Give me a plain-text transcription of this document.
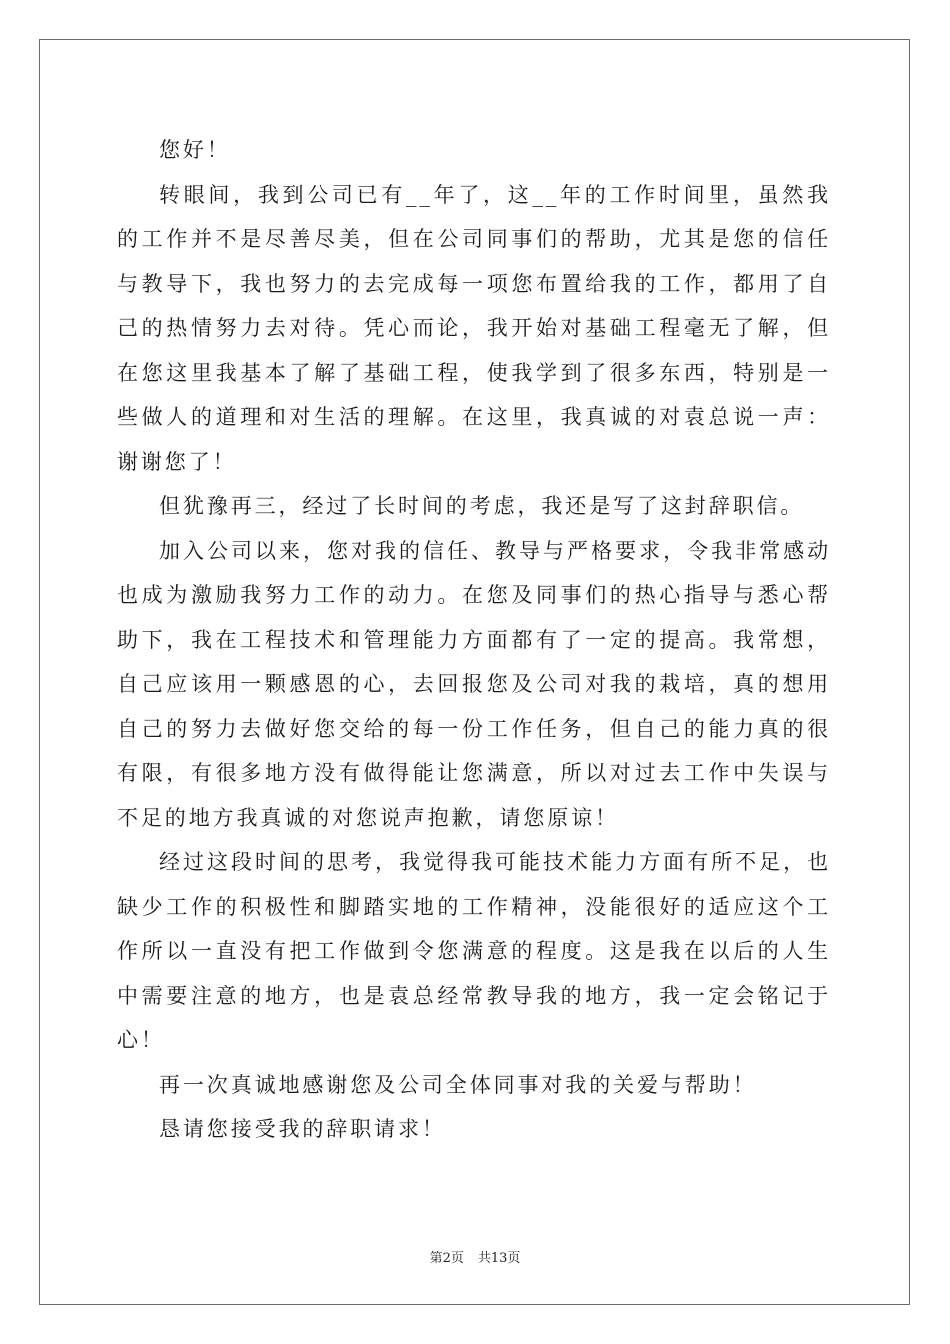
您好！

转眼间，我到公司已有__年了，这__年的工作时间里，虽然我的工作并不是尽善尽美，但在公司同事们的帮助，尤其是您的信任与教导下，我也努力的去完成每一项您布置给我的工作，都用了自己的热情努力去对待。凭心而论，我开始对基础工程毫无了解，但在您这里我基本了解了基础工程，使我学到了很多东西，特别是一些做人的道理和对生活的理解。在这里，我真诚的对袁总说一声：谢谢您了！

但犹豫再三，经过了长时间的考虑，我还是写了这封辞职信。

加入公司以来，您对我的信任、教导与严格要求，令我非常感动也成为激励我努力工作的动力。在您及同事们的热心指导与悉心帮助下，我在工程技术和管理能力方面都有了一定的提高。我常想，自己应该用一颗感恩的心，去回报您及公司对我的栽培，真的想用自己的努力去做好您交给的每一份工作任务，但自己的能力真的很有限，有很多地方没有做得能让您满意，所以对过去工作中失误与不足的地方我真诚的对您说声抱歉，请您原谅！

经过这段时间的思考，我觉得我可能技术能力方面有所不足，也缺少工作的积极性和脚踏实地的工作精神，没能很好的适应这个工作所以一直没有把工作做到令您满意的程度。这是我在以后的人生中需要注意的地方，也是袁总经常教导我的地方，我一定会铭记于心！

再一次真诚地感谢您及公司全体同事对我的关爱与帮助！

恳请您接受我的辞职请求！

第2页 共13页
